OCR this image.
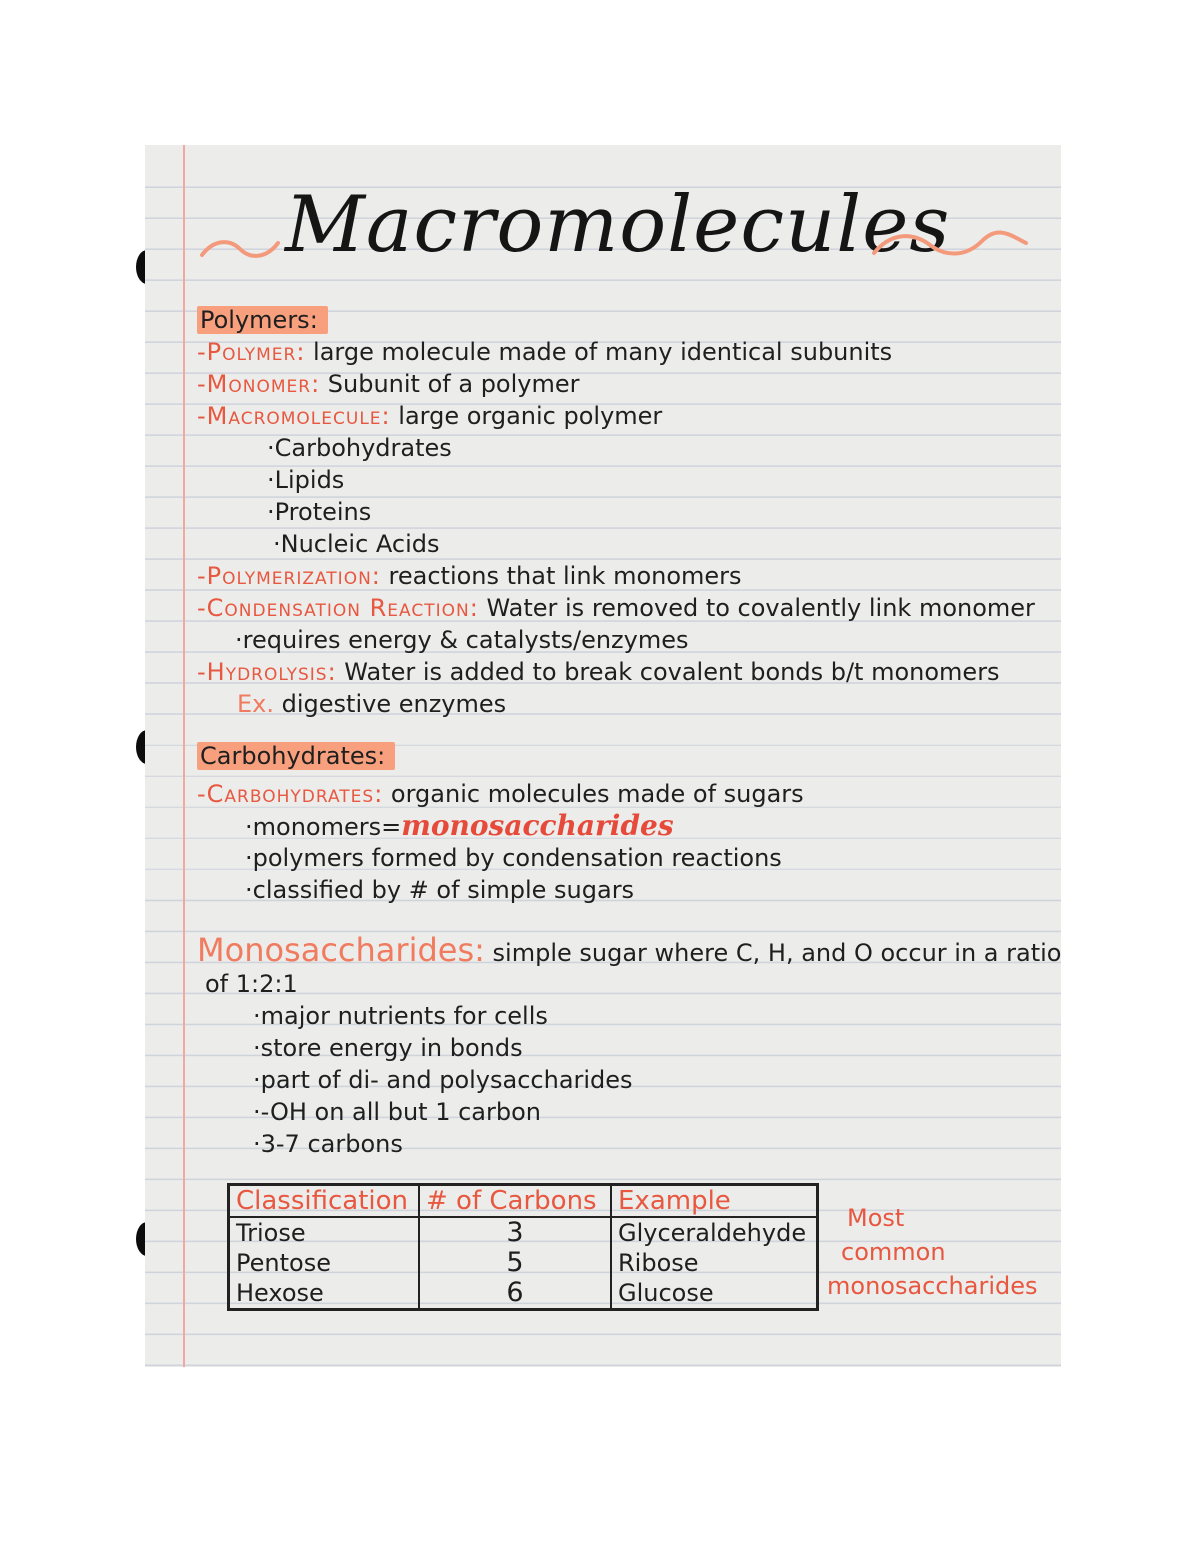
Macromolecules
Polymers:
-Polymer: large molecule made of many identical subunits
-Monomer: Subunit of a polymer
-Macromolecule: large organic polymer
·Carbohydrates
·Lipids
·Proteins
·Nucleic Acids
-Polymerization: reactions that link monomers
-Condensation Reaction: Water is removed to covalently link monomer
·requires energy & catalysts/enzymes
-Hydrolysis: Water is added to break covalent bonds b/t monomers
Ex. digestive enzymes
Carbohydrates:
-Carbohydrates: organic molecules made of sugars
·monomers=monosaccharides
·polymers formed by condensation reactions
·classified by # of simple sugars
Monosaccharides: simple sugar where C, H, and O occur in a ratio
of 1:2:1
·major nutrients for cells
·store energy in bonds
·part of di- and polysaccharides
·-OH on all but 1 carbon
·3-7 carbons
Classification	# of Carbons	Example
Triose	3	Glyceraldehyde
Pentose	5	Ribose
Hexose	6	Glucose
Most
common
monosaccharides
